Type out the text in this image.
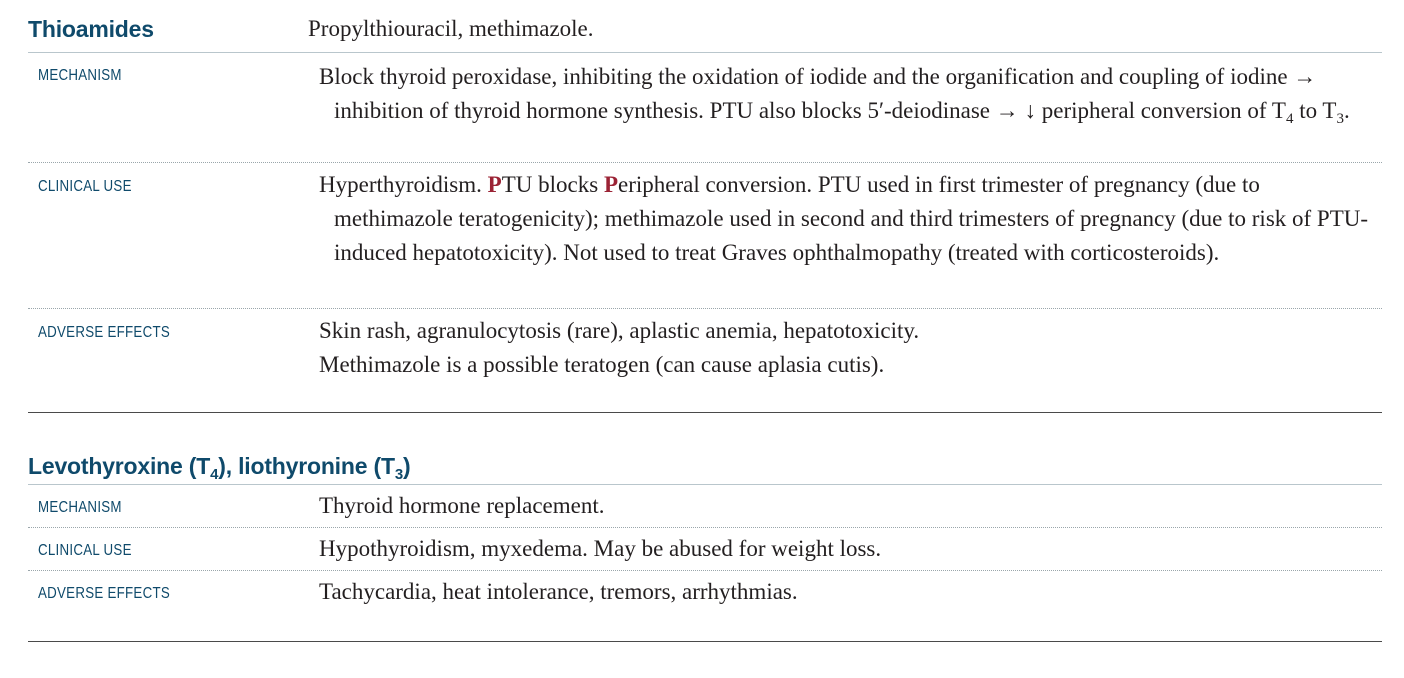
Thioamides	Propylthiouracil, methimazole.
MECHANISM	Block thyroid peroxidase, inhibiting the oxidation of iodide and the organification and coupling of iodine → inhibition of thyroid hormone synthesis. PTU also blocks 5′-deiodinase → ↓ peripheral conversion of $T_4$ to $T_3$.
CLINICAL USE	Hyperthyroidism. PTU blocks Peripheral conversion. PTU used in first trimester of pregnancy (due to methimazole teratogenicity); methimazole used in second and third trimesters of pregnancy (due to risk of PTU-induced hepatotoxicity). Not used to treat Graves ophthalmopathy (treated with corticosteroids).
ADVERSE EFFECTS	Skin rash, agranulocytosis (rare), aplastic anemia, hepatotoxicity.

Methimazole is a possible teratogen (can cause aplasia cutis).

Levothyroxine $(T_4)$, liothyronine $(T_3)$
MECHANISM	Thyroid hormone replacement.
CLINICAL USE	Hypothyroidism, myxedema. May be abused for weight loss.
ADVERSE EFFECTS	Tachycardia, heat intolerance, tremors, arrhythmias.
